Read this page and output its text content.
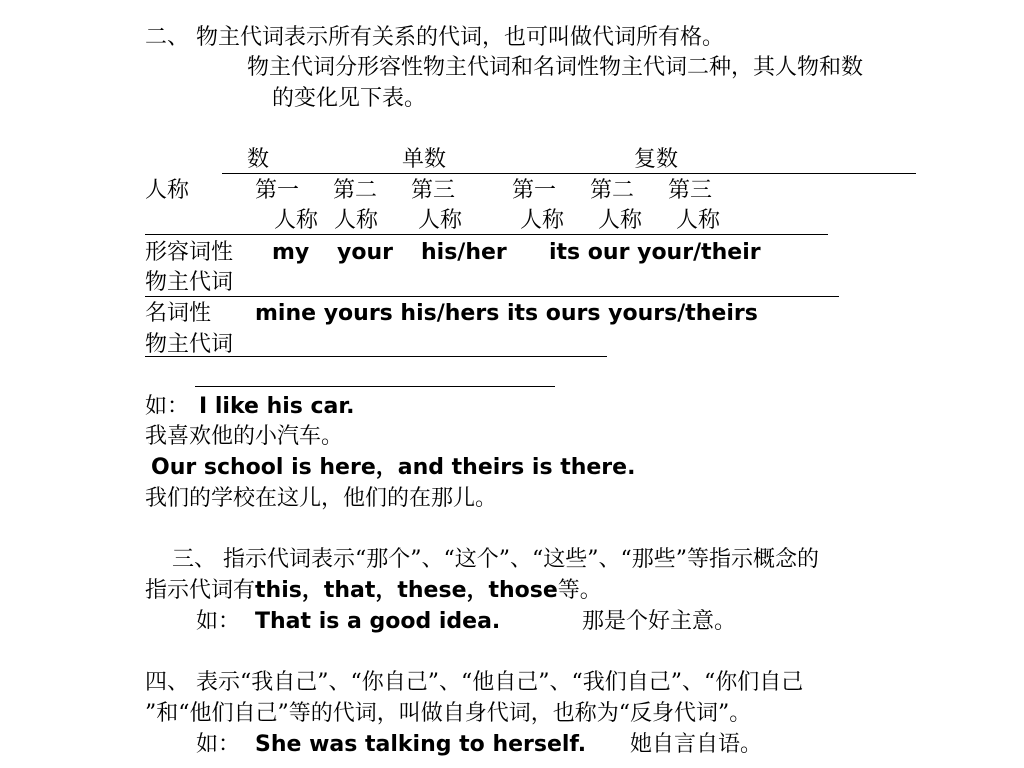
二、 物主代词表示所有关系的代词，也可叫做代词所有格。
物主代词分形容性物主代词和名词性物主代词二种，其人物和数
的变化见下表。
数	单数	复数
人称	第一 第二 第三	第一 第二 第三
人称 人称 人称	人称 人称 人称
形容词性 my your his/her its our your/their
物主代词
名词性 mine yours his/hers its ours yours/theirs
物主代词
如： I like his car.
我喜欢他的小汽车。
Our school is here，and theirs is there.
我们的学校在这儿，他们的在那儿。
三、 指示代词表示“那个”、“这个”、“这些”、“那些”等指示概念的
指示代词有this，that，these，those等。
如： That is a good idea.	那是个好主意。
四、 表示“我自己”、“你自己”、“他自己”、“我们自己”、“你们自己
”和“他们自己”等的代词，叫做自身代词，也称为“反身代词”。
如： She was talking to herself. 她自言自语。
